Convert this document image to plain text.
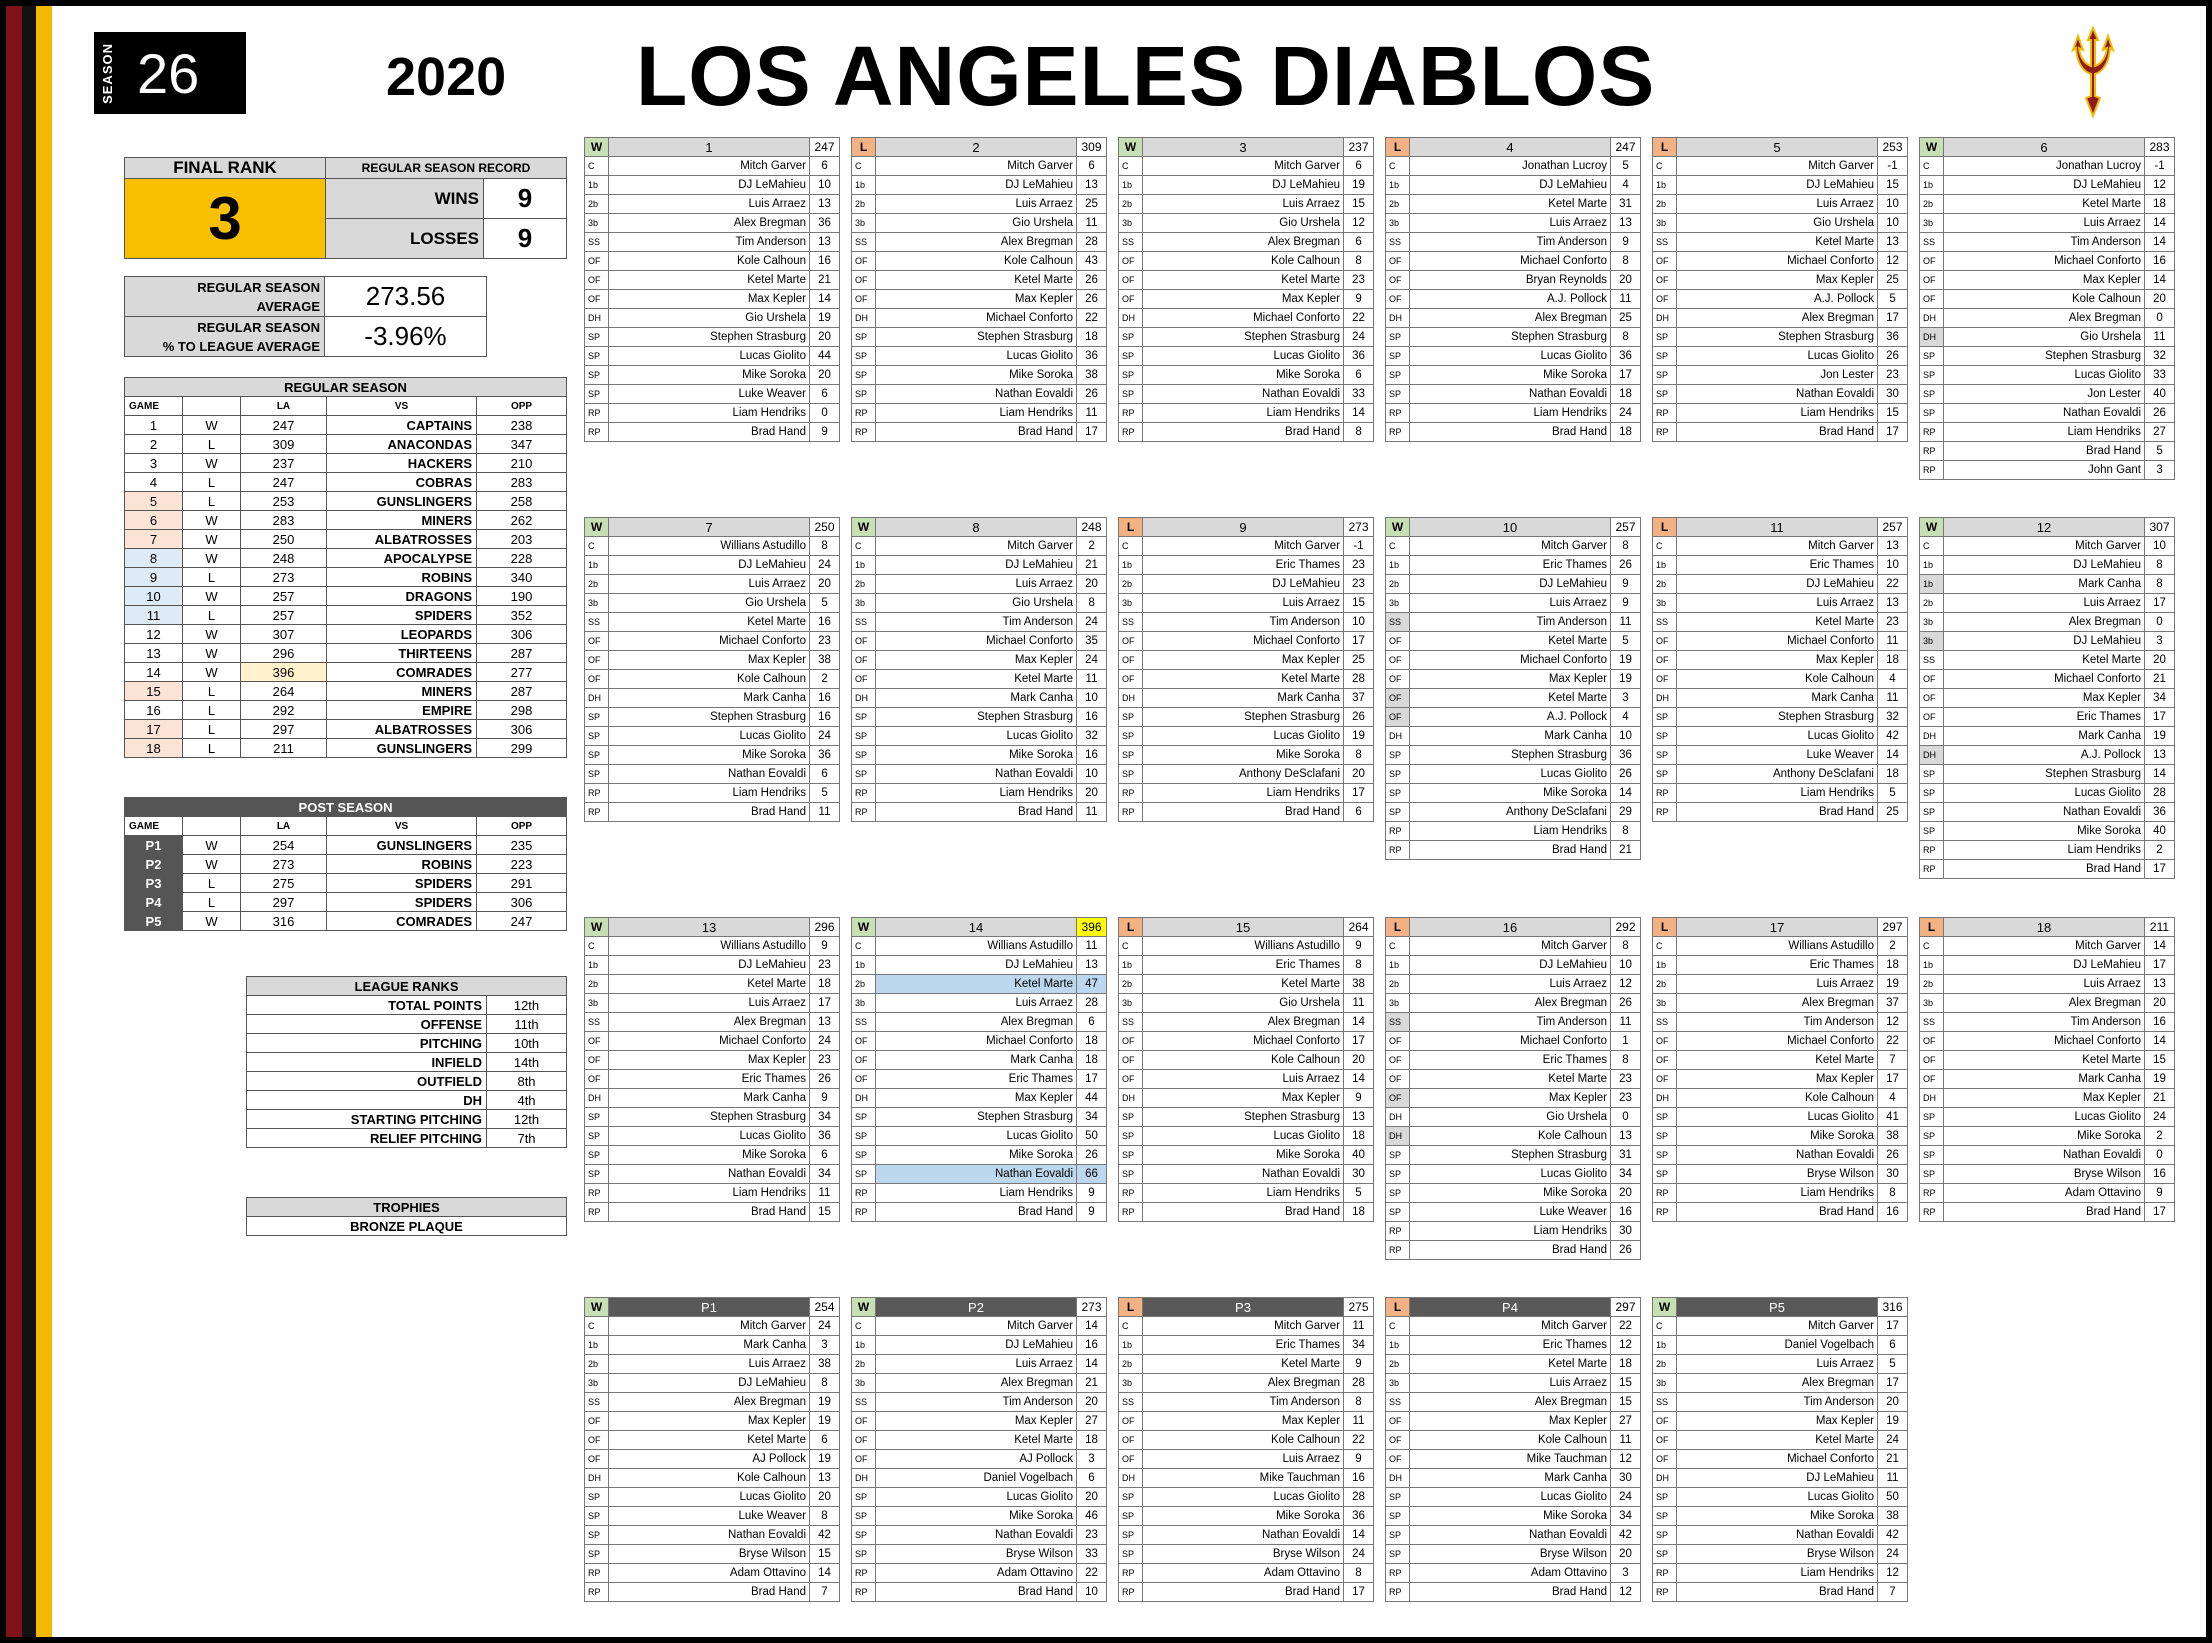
SEASON 26	2020 LOS ANGELES DIABLOS
FINAL RANK	REGULAR SEASON RECORD	
3	WINS	9
	LOSSES	9
REGULAR SEASON
AVERAGE	273.56
REGULAR SEASON
% TO LEAGUE AVERAGE	-3.96%
REGULAR SEASON				
GAME		LA	VS	OPP
1	W	247	CAPTAINS	238
2	L	309	ANACONDAS	347
3	W	237	HACKERS	210
4	L	247	COBRAS	283
5	L	253	GUNSLINGERS	258
6	W	283	MINERS	262
7	W	250	ALBATROSSES	203
8	W	248	APOCALYPSE	228
9	L	273	ROBINS	340
10	W	257	DRAGONS	190
11	L	257	SPIDERS	352
12	W	307	LEOPARDS	306
13	W	296	THIRTEENS	287
14	W	396	COMRADES	277
15	L	264	MINERS	287
16	L	292	EMPIRE	298
17	L	297	ALBATROSSES	306
18	L	211	GUNSLINGERS	299
POST SEASON				
GAME		LA	VS	OPP
P1	W	254	GUNSLINGERS	235
P2	W	273	ROBINS	223
P3	L	275	SPIDERS	291
P4	L	297	SPIDERS	306
P5	W	316	COMRADES	247
LEAGUE RANKS	
TOTAL POINTS	12th
OFFENSE	11th
PITCHING	10th
INFIELD	14th
OUTFIELD	8th
DH	4th
STARTING PITCHING	12th
RELIEF PITCHING	7th
TROPHIES
BRONZE PLAQUE
W	1	247
C	Mitch Garver	6
1b	DJ LeMahieu	10
2b	Luis Arraez	13
3b	Alex Bregman	36
SS	Tim Anderson	13
OF	Kole Calhoun	16
OF	Ketel Marte	21
OF	Max Kepler	14
DH	Gio Urshela	19
SP	Stephen Strasburg	20
SP	Lucas Giolito	44
SP	Mike Soroka	20
SP	Luke Weaver	6
RP	Liam Hendriks	0
RP	Brad Hand	9
L	2	309
C	Mitch Garver	6
1b	DJ LeMahieu	13
2b	Luis Arraez	25
3b	Gio Urshela	11
SS	Alex Bregman	28
OF	Kole Calhoun	43
OF	Ketel Marte	26
OF	Max Kepler	26
DH	Michael Conforto	22
SP	Stephen Strasburg	18
SP	Lucas Giolito	36
SP	Mike Soroka	38
SP	Nathan Eovaldi	26
RP	Liam Hendriks	11
RP	Brad Hand	17
W	3	237
C	Mitch Garver	6
1b	DJ LeMahieu	19
2b	Luis Arraez	15
3b	Gio Urshela	12
SS	Alex Bregman	6
OF	Kole Calhoun	8
OF	Ketel Marte	23
OF	Max Kepler	9
DH	Michael Conforto	22
SP	Stephen Strasburg	24
SP	Lucas Giolito	36
SP	Mike Soroka	6
SP	Nathan Eovaldi	33
RP	Liam Hendriks	14
RP	Brad Hand	8
L	4	247
C	Jonathan Lucroy	5
1b	DJ LeMahieu	4
2b	Ketel Marte	31
3b	Luis Arraez	13
SS	Tim Anderson	9
OF	Michael Conforto	8
OF	Bryan Reynolds	20
OF	A.J. Pollock	11
DH	Alex Bregman	25
SP	Stephen Strasburg	8
SP	Lucas Giolito	36
SP	Mike Soroka	17
SP	Nathan Eovaldi	18
RP	Liam Hendriks	24
RP	Brad Hand	18
L	5	253
C	Mitch Garver	-1
1b	DJ LeMahieu	15
2b	Luis Arraez	10
3b	Gio Urshela	10
SS	Ketel Marte	13
OF	Michael Conforto	12
OF	Max Kepler	25
OF	A.J. Pollock	5
DH	Alex Bregman	17
SP	Stephen Strasburg	36
SP	Lucas Giolito	26
SP	Jon Lester	23
SP	Nathan Eovaldi	30
RP	Liam Hendriks	15
RP	Brad Hand	17
W	6	283
C	Jonathan Lucroy	-1
1b	DJ LeMahieu	12
2b	Ketel Marte	18
3b	Luis Arraez	14
SS	Tim Anderson	14
OF	Michael Conforto	16
OF	Max Kepler	14
OF	Kole Calhoun	20
DH	Alex Bregman	0
DH	Gio Urshela	11
SP	Stephen Strasburg	32
SP	Lucas Giolito	33
SP	Jon Lester	40
SP	Nathan Eovaldi	26
RP	Liam Hendriks	27
RP	Brad Hand	5
RP	John Gant	3
W	7	250
C	Willians Astudillo	8
1b	DJ LeMahieu	24
2b	Luis Arraez	20
3b	Gio Urshela	5
SS	Ketel Marte	16
OF	Michael Conforto	23
OF	Max Kepler	38
OF	Kole Calhoun	2
DH	Mark Canha	16
SP	Stephen Strasburg	16
SP	Lucas Giolito	24
SP	Mike Soroka	36
SP	Nathan Eovaldi	6
RP	Liam Hendriks	5
RP	Brad Hand	11
W	8	248
C	Mitch Garver	2
1b	DJ LeMahieu	21
2b	Luis Arraez	20
3b	Gio Urshela	8
SS	Tim Anderson	24
OF	Michael Conforto	35
OF	Max Kepler	24
OF	Ketel Marte	11
DH	Mark Canha	10
SP	Stephen Strasburg	16
SP	Lucas Giolito	32
SP	Mike Soroka	16
SP	Nathan Eovaldi	10
RP	Liam Hendriks	20
RP	Brad Hand	11
L	9	273
C	Mitch Garver	-1
1b	Eric Thames	23
2b	DJ LeMahieu	23
3b	Luis Arraez	15
SS	Tim Anderson	10
OF	Michael Conforto	17
OF	Max Kepler	25
OF	Ketel Marte	28
DH	Mark Canha	37
SP	Stephen Strasburg	26
SP	Lucas Giolito	19
SP	Mike Soroka	8
SP	Anthony DeSclafani	20
RP	Liam Hendriks	17
RP	Brad Hand	6
W	10	257
C	Mitch Garver	8
1b	Eric Thames	26
2b	DJ LeMahieu	9
3b	Luis Arraez	9
SS	Tim Anderson	11
OF	Ketel Marte	5
OF	Michael Conforto	19
OF	Max Kepler	19
OF	Ketel Marte	3
OF	A.J. Pollock	4
DH	Mark Canha	10
SP	Stephen Strasburg	36
SP	Lucas Giolito	26
SP	Mike Soroka	14
SP	Anthony DeSclafani	29
RP	Liam Hendriks	8
RP	Brad Hand	21
L	11	257
C	Mitch Garver	13
1b	Eric Thames	10
2b	DJ LeMahieu	22
3b	Luis Arraez	13
SS	Ketel Marte	23
OF	Michael Conforto	11
OF	Max Kepler	18
OF	Kole Calhoun	4
DH	Mark Canha	11
SP	Stephen Strasburg	32
SP	Lucas Giolito	42
SP	Luke Weaver	14
SP	Anthony DeSclafani	18
RP	Liam Hendriks	5
RP	Brad Hand	25
W	12	307
C	Mitch Garver	10
1b	DJ LeMahieu	8
1b	Mark Canha	8
2b	Luis Arraez	17
3b	Alex Bregman	0
3b	DJ LeMahieu	3
SS	Ketel Marte	20
OF	Michael Conforto	21
OF	Max Kepler	34
OF	Eric Thames	17
DH	Mark Canha	19
DH	A.J. Pollock	13
SP	Stephen Strasburg	14
SP	Lucas Giolito	28
SP	Nathan Eovaldi	36
SP	Mike Soroka	40
RP	Liam Hendriks	2
RP	Brad Hand	17
W	13	296
C	Willians Astudillo	9
1b	DJ LeMahieu	23
2b	Ketel Marte	18
3b	Luis Arraez	17
SS	Alex Bregman	13
OF	Michael Conforto	24
OF	Max Kepler	23
OF	Eric Thames	26
DH	Mark Canha	9
SP	Stephen Strasburg	34
SP	Lucas Giolito	36
SP	Mike Soroka	6
SP	Nathan Eovaldi	34
RP	Liam Hendriks	11
RP	Brad Hand	15
W	14	396
C	Willians Astudillo	11
1b	DJ LeMahieu	13
2b	Ketel Marte	47
3b	Luis Arraez	28
SS	Alex Bregman	6
OF	Michael Conforto	18
OF	Mark Canha	18
OF	Eric Thames	17
DH	Max Kepler	44
SP	Stephen Strasburg	34
SP	Lucas Giolito	50
SP	Mike Soroka	26
SP	Nathan Eovaldi	66
RP	Liam Hendriks	9
RP	Brad Hand	9
L	15	264
C	Willians Astudillo	9
1b	Eric Thames	8
2b	Ketel Marte	38
3b	Gio Urshela	11
SS	Alex Bregman	14
OF	Michael Conforto	17
OF	Kole Calhoun	20
OF	Luis Arraez	14
DH	Max Kepler	9
SP	Stephen Strasburg	13
SP	Lucas Giolito	18
SP	Mike Soroka	40
SP	Nathan Eovaldi	30
RP	Liam Hendriks	5
RP	Brad Hand	18
L	16	292
C	Mitch Garver	8
1b	DJ LeMahieu	10
2b	Luis Arraez	12
3b	Alex Bregman	26
SS	Tim Anderson	11
OF	Michael Conforto	1
OF	Eric Thames	8
OF	Ketel Marte	23
OF	Max Kepler	23
DH	Gio Urshela	0
DH	Kole Calhoun	13
SP	Stephen Strasburg	31
SP	Lucas Giolito	34
SP	Mike Soroka	20
SP	Luke Weaver	16
RP	Liam Hendriks	30
RP	Brad Hand	26
L	17	297
C	Willians Astudillo	2
1b	Eric Thames	18
2b	Luis Arraez	19
3b	Alex Bregman	37
SS	Tim Anderson	12
OF	Michael Conforto	22
OF	Ketel Marte	7
OF	Max Kepler	17
DH	Kole Calhoun	4
SP	Lucas Giolito	41
SP	Mike Soroka	38
SP	Nathan Eovaldi	26
SP	Bryse Wilson	30
RP	Liam Hendriks	8
RP	Brad Hand	16
L	18	211
C	Mitch Garver	14
1b	DJ LeMahieu	17
2b	Luis Arraez	13
3b	Alex Bregman	20
SS	Tim Anderson	16
OF	Michael Conforto	14
OF	Ketel Marte	15
OF	Mark Canha	19
DH	Max Kepler	21
SP	Lucas Giolito	24
SP	Mike Soroka	2
SP	Nathan Eovaldi	0
SP	Bryse Wilson	16
RP	Adam Ottavino	9
RP	Brad Hand	17
W	P1	254
C	Mitch Garver	24
1b	Mark Canha	3
2b	Luis Arraez	38
3b	DJ LeMahieu	8
SS	Alex Bregman	19
OF	Max Kepler	19
OF	Ketel Marte	6
OF	AJ Pollock	19
DH	Kole Calhoun	13
SP	Lucas Giolito	20
SP	Luke Weaver	8
SP	Nathan Eovaldi	42
SP	Bryse Wilson	15
RP	Adam Ottavino	14
RP	Brad Hand	7
W	P2	273
C	Mitch Garver	14
1b	DJ LeMahieu	16
2b	Luis Arraez	14
3b	Alex Bregman	21
SS	Tim Anderson	20
OF	Max Kepler	27
OF	Ketel Marte	18
OF	AJ Pollock	3
DH	Daniel Vogelbach	6
SP	Lucas Giolito	20
SP	Mike Soroka	46
SP	Nathan Eovaldi	23
SP	Bryse Wilson	33
RP	Adam Ottavino	22
RP	Brad Hand	10
L	P3	275
C	Mitch Garver	11
1b	Eric Thames	34
2b	Ketel Marte	9
3b	Alex Bregman	28
SS	Tim Anderson	8
OF	Max Kepler	11
OF	Kole Calhoun	22
OF	Luis Arraez	9
DH	Mike Tauchman	16
SP	Lucas Giolito	28
SP	Mike Soroka	36
SP	Nathan Eovaldi	14
SP	Bryse Wilson	24
RP	Adam Ottavino	8
RP	Brad Hand	17
L	P4	297
C	Mitch Garver	22
1b	Eric Thames	12
2b	Ketel Marte	18
3b	Luis Arraez	15
SS	Alex Bregman	15
OF	Max Kepler	27
OF	Kole Calhoun	11
OF	Mike Tauchman	12
DH	Mark Canha	30
SP	Lucas Giolito	24
SP	Mike Soroka	34
SP	Nathan Eovaldi	42
SP	Bryse Wilson	20
RP	Adam Ottavino	3
RP	Brad Hand	12
W	P5	316
C	Mitch Garver	17
1b	Daniel Vogelbach	6
2b	Luis Arraez	5
3b	Alex Bregman	17
SS	Tim Anderson	20
OF	Max Kepler	19
OF	Ketel Marte	24
OF	Michael Conforto	21
DH	DJ LeMahieu	11
SP	Lucas Giolito	50
SP	Mike Soroka	38
SP	Nathan Eovaldi	42
SP	Bryse Wilson	24
RP	Liam Hendriks	12
RP	Brad Hand	7
